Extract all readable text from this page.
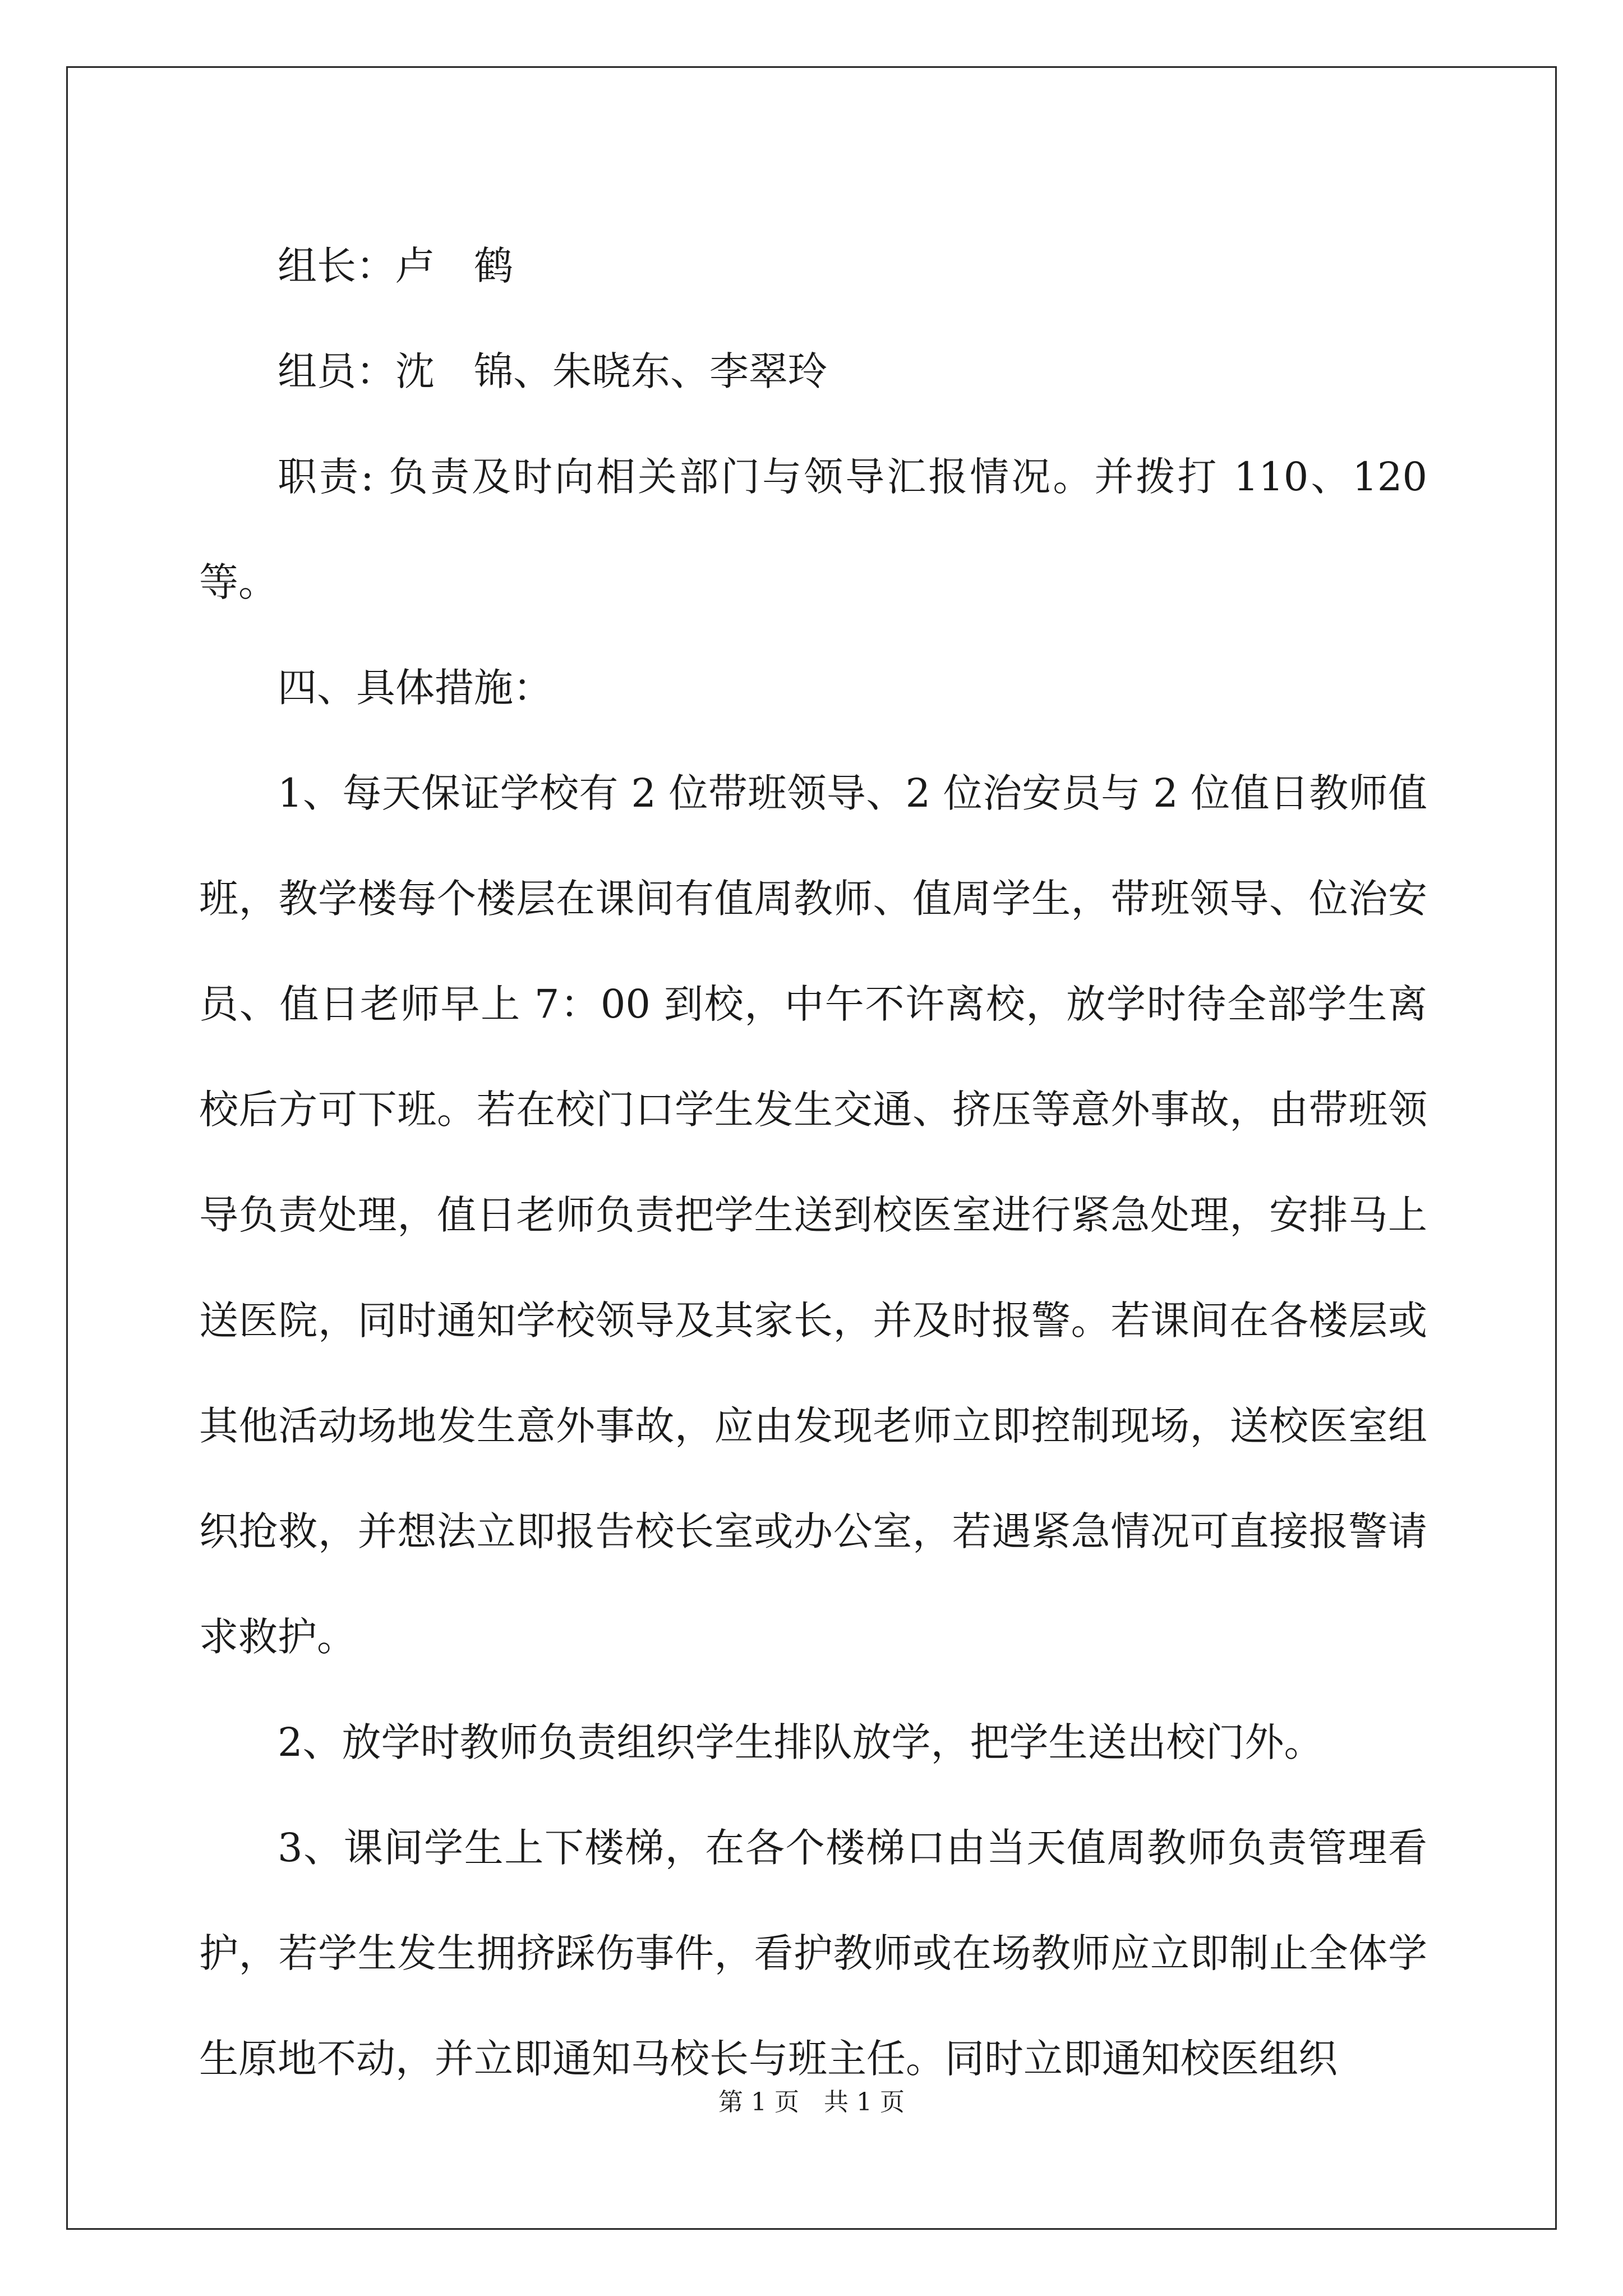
组长：卢　鹤

组员：沈　锦、朱晓东、李翠玲

职责: 负责及时向相关部门与领导汇报情况。并拨打 110、120 等。

四、具体措施：

1、每天保证学校有 2 位带班领导、2 位治安员与 2 位值日教师值班，教学楼每个楼层在课间有值周教师、值周学生，带班领导、位治安员、值日老师早上 7：00 到校，中午不许离校，放学时待全部学生离校后方可下班。若在校门口学生发生交通、挤压等意外事故，由带班领导负责处理，值日老师负责把学生送到校医室进行紧急处理，安排马上送医院，同时通知学校领导及其家长，并及时报警。若课间在各楼层或其他活动场地发生意外事故，应由发现老师立即控制现场，送校医室组织抢救，并想法立即报告校长室或办公室，若遇紧急情况可直接报警请求救护。

2、放学时教师负责组织学生排队放学，把学生送出校门外。

3、课间学生上下楼梯，在各个楼梯口由当天值周教师负责管理看护，若学生发生拥挤踩伤事件，看护教师或在场教师应立即制止全体学生原地不动，并立即通知马校长与班主任。同时立即通知校医组织

第 1 页　共 1 页
